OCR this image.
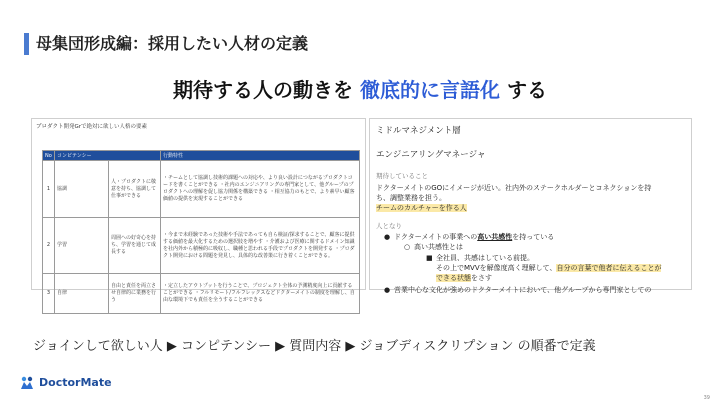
母集団形成編：採用したい人材の定義
期待する人の動きを 徹底的に言語化 する
プロダクト開発Grで絶対に欲しい人格の要素
No	コンピテンシー		行動特性
1	協調	人・プロダクトに敬意を持ち、協調して仕事ができる	・チームとして協調し技術的課題への対応や、より良い設計につながるプロダクトコードを書くことができる ・社内のエンジニアリングの専門家として、他グループのプロダクトへの理解を促し協力関係を構築できる ・相互協力のもとで、より素早い顧客価値の提供を実現することができる
2	学習	周囲への好奇心を持ち、学習を通じて成長する	・今まで未経験であった技術や手法であっても自ら検証/探求することで、顧客に提供する価値を最大化するための選択肢を増やす ・介護および医療に関するドメイン知識を社内外から積極的に吸収し、職種と思われる手段でプロダクトを開発する ・プロダクト開発における問題を発見し、具体的な改善策に行き着くことができる。
3	自律	自由と責任を両立させ自律的に業務を行う	・定立したアウトプットを行うことで、プロジェクト全体の予測精度向上に貢献することができる ・フルリモート/フルフレックスなどドクターメイトの制度を理解し、自由な環境下でも責任を全うすることができる
ミドルマネジメント層
エンジニアリングマネージャ
期待していること
ドクターメイトのGOにイメージが近い。社内外のステークホルダーとコネクションを持
ち、調整業務を担う。
チームのカルチャーを作る人
人となり
● ドクターメイトの事業への高い共感性を持っている
○ 高い共感性とは
■ 全社員、共感はしている前提。
その上でMVVを解像度高く理解して、自分の言葉で他者に伝えることが
できる状態をさす
● 営業中心な文化が強めのドクターメイトにおいて、他グループから専門家としての
ジョインして欲しい人 ▶ コンピテンシー ▶ 質問内容 ▶ ジョブディスクリプション の順番で定義
DoctorMate
39
